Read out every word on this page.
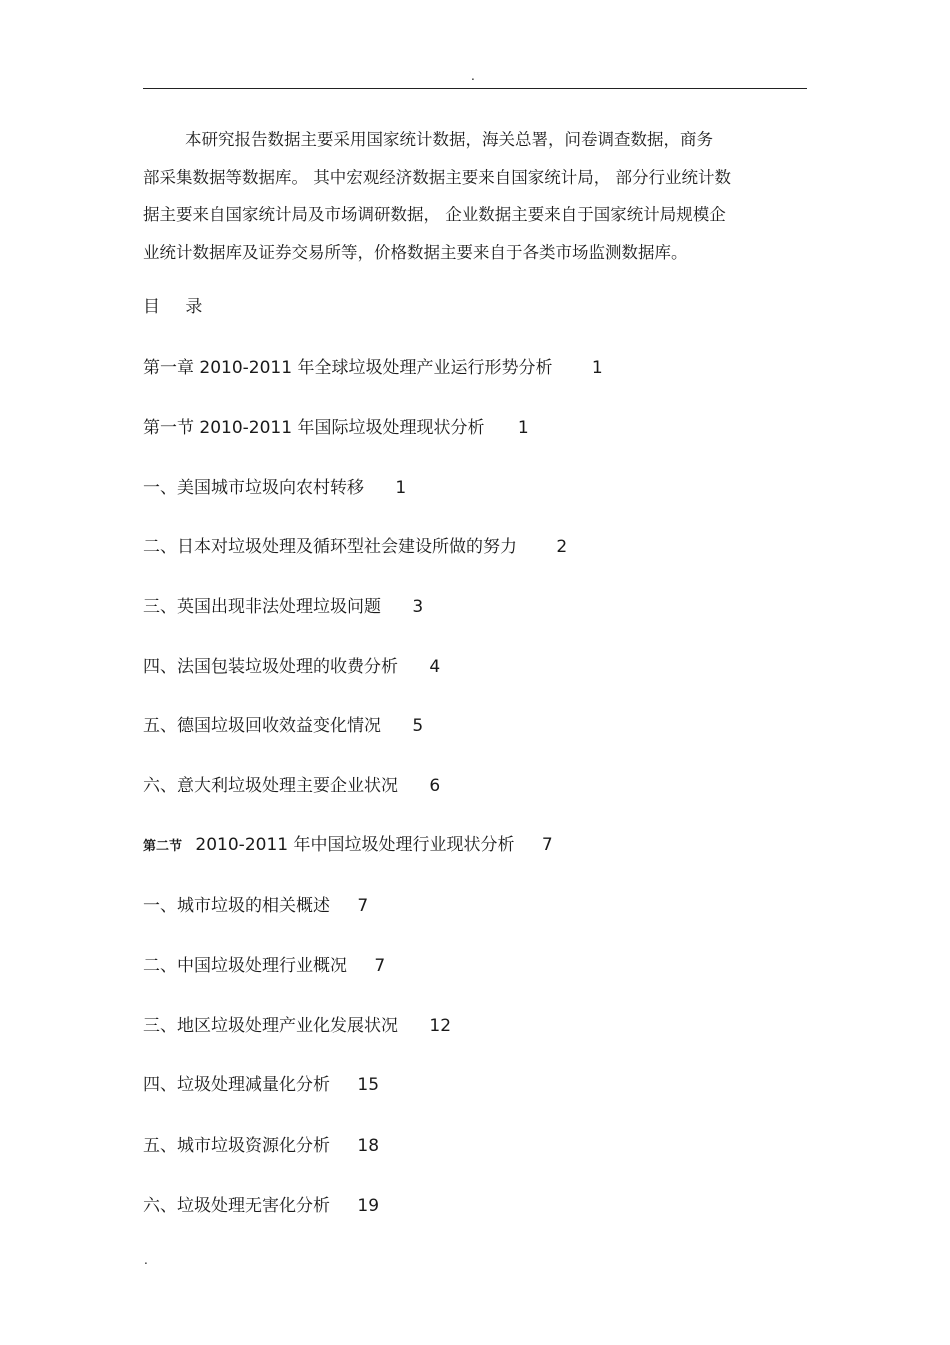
.
本研究报告数据主要采用国家统计数据，海关总署，问卷调查数据，商务
部采集数据等数据库。 其中宏观经济数据主要来自国家统计局， 部分行业统计数
据主要来自国家统计局及市场调研数据， 企业数据主要来自于国家统计局规模企
业统计数据库及证券交易所等，价格数据主要来自于各类市场监测数据库。
目 录
第一章 2010-2011 年全球垃圾处理产业运行形势分析 1
第一节 2010-2011 年国际垃圾处理现状分析 1
一、美国城市垃圾向农村转移 1
二、日本对垃圾处理及循环型社会建设所做的努力 2
三、英国出现非法处理垃圾问题 3
四、法国包装垃圾处理的收费分析 4
五、德国垃圾回收效益变化情况 5
六、意大利垃圾处理主要企业状况 6
第二节 2010-2011 年中国垃圾处理行业现状分析 7
一、城市垃圾的相关概述 7
二、中国垃圾处理行业概况 7
三、地区垃圾处理产业化发展状况 12
四、垃圾处理减量化分析 15
五、城市垃圾资源化分析 18
六、垃圾处理无害化分析 19
.
